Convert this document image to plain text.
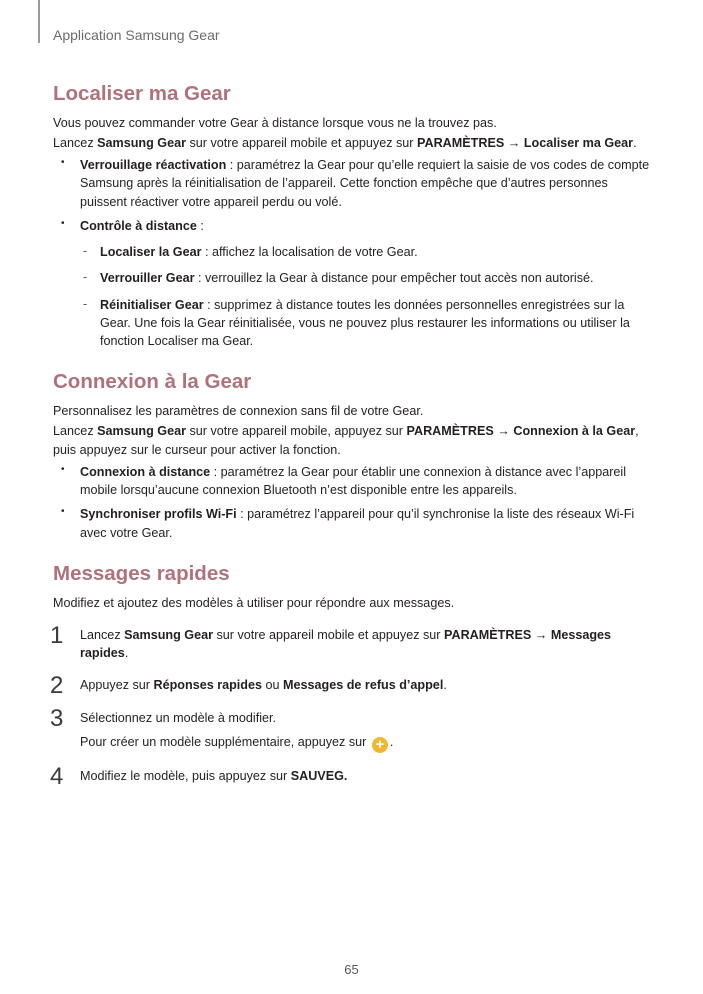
Application Samsung Gear
Localiser ma Gear

Vous pouvez commander votre Gear à distance lorsque vous ne la trouvez pas.

Lancez Samsung Gear sur votre appareil mobile et appuyez sur PARAMÈTRES → Localiser ma Gear.

• Verrouillage réactivation : paramétrez la Gear pour qu’elle requiert la saisie de vos codes de compte Samsung après la réinitialisation de l’appareil. Cette fonction empêche que d’autres personnes puissent réactiver votre appareil perdu ou volé.
• Contrôle à distance :
- Localiser la Gear : affichez la localisation de votre Gear.
- Verrouiller Gear : verrouillez la Gear à distance pour empêcher tout accès non autorisé.
- Réinitialiser Gear : supprimez à distance toutes les données personnelles enregistrées sur la Gear. Une fois la Gear réinitialisée, vous ne pouvez plus restaurer les informations ou utiliser la fonction Localiser ma Gear.
Connexion à la Gear

Personnalisez les paramètres de connexion sans fil de votre Gear.

Lancez Samsung Gear sur votre appareil mobile, appuyez sur PARAMÈTRES → Connexion à la Gear, puis appuyez sur le curseur pour activer la fonction.

• Connexion à distance : paramétrez la Gear pour établir une connexion à distance avec l’appareil mobile lorsqu’aucune connexion Bluetooth n’est disponible entre les appareils.
• Synchroniser profils Wi-Fi : paramétrez l’appareil pour qu’il synchronise la liste des réseaux Wi-Fi avec votre Gear.
Messages rapides

Modifiez et ajoutez des modèles à utiliser pour répondre aux messages.

1 Lancez Samsung Gear sur votre appareil mobile et appuyez sur PARAMÈTRES → Messages rapides.
2 Appuyez sur Réponses rapides ou Messages de refus d’appel.
3 Sélectionnez un modèle à modifier.
Pour créer un modèle supplémentaire, appuyez sur + .
4 Modifiez le modèle, puis appuyez sur SAUVEG.
65
